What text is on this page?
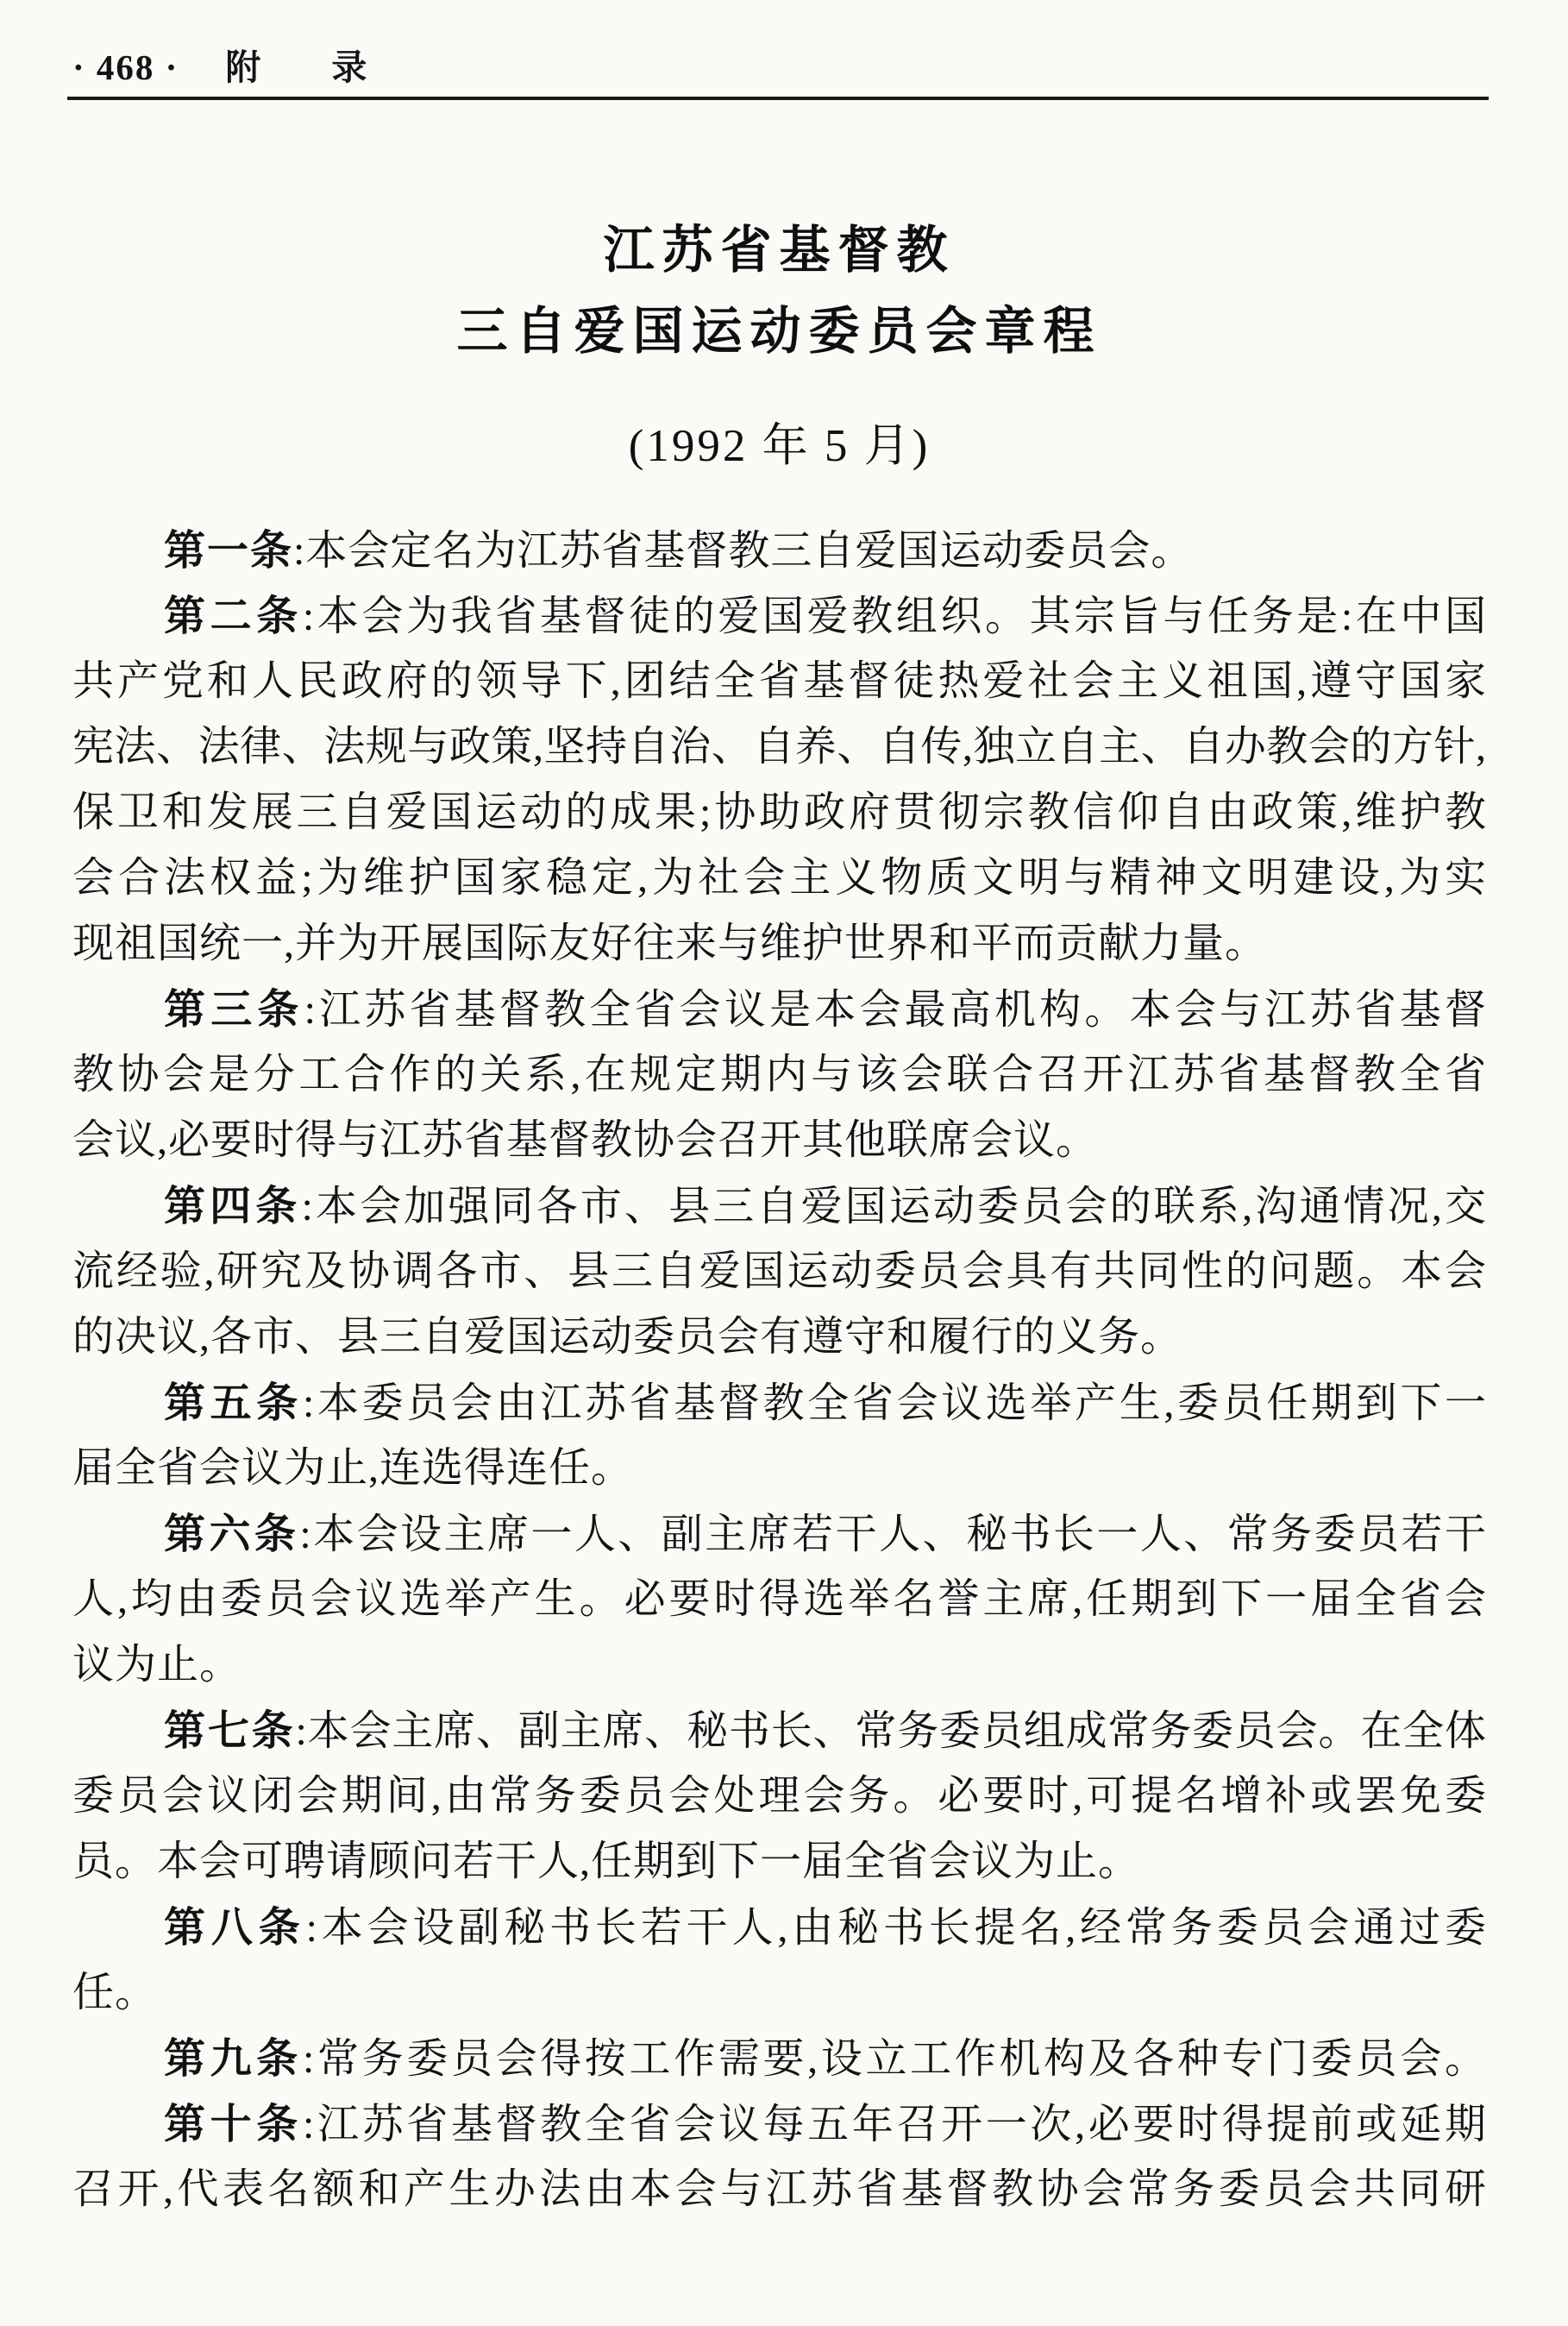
· 468 · 附　　录
江苏省基督教
三自爱国运动委员会章程
(1992 年 5 月)
第一条:本会定名为江苏省基督教三自爱国运动委员会。
第二条:本会为我省基督徒的爱国爱教组织。其宗旨与任务是:在中国
共产党和人民政府的领导下,团结全省基督徒热爱社会主义祖国,遵守国家
宪法、法律、法规与政策,坚持自治、自养、自传,独立自主、自办教会的方针,
保卫和发展三自爱国运动的成果;协助政府贯彻宗教信仰自由政策,维护教
会合法权益;为维护国家稳定,为社会主义物质文明与精神文明建设,为实
现祖国统一,并为开展国际友好往来与维护世界和平而贡献力量。
第三条:江苏省基督教全省会议是本会最高机构。本会与江苏省基督
教协会是分工合作的关系,在规定期内与该会联合召开江苏省基督教全省
会议,必要时得与江苏省基督教协会召开其他联席会议。
第四条:本会加强同各市、县三自爱国运动委员会的联系,沟通情况,交
流经验,研究及协调各市、县三自爱国运动委员会具有共同性的问题。本会
的决议,各市、县三自爱国运动委员会有遵守和履行的义务。
第五条:本委员会由江苏省基督教全省会议选举产生,委员任期到下一
届全省会议为止,连选得连任。
第六条:本会设主席一人、副主席若干人、秘书长一人、常务委员若干
人,均由委员会议选举产生。必要时得选举名誉主席,任期到下一届全省会
议为止。
第七条:本会主席、副主席、秘书长、常务委员组成常务委员会。在全体
委员会议闭会期间,由常务委员会处理会务。必要时,可提名增补或罢免委
员。本会可聘请顾问若干人,任期到下一届全省会议为止。
第八条:本会设副秘书长若干人,由秘书长提名,经常务委员会通过委
任。
第九条:常务委员会得按工作需要,设立工作机构及各种专门委员会。
第十条:江苏省基督教全省会议每五年召开一次,必要时得提前或延期
召开,代表名额和产生办法由本会与江苏省基督教协会常务委员会共同研
